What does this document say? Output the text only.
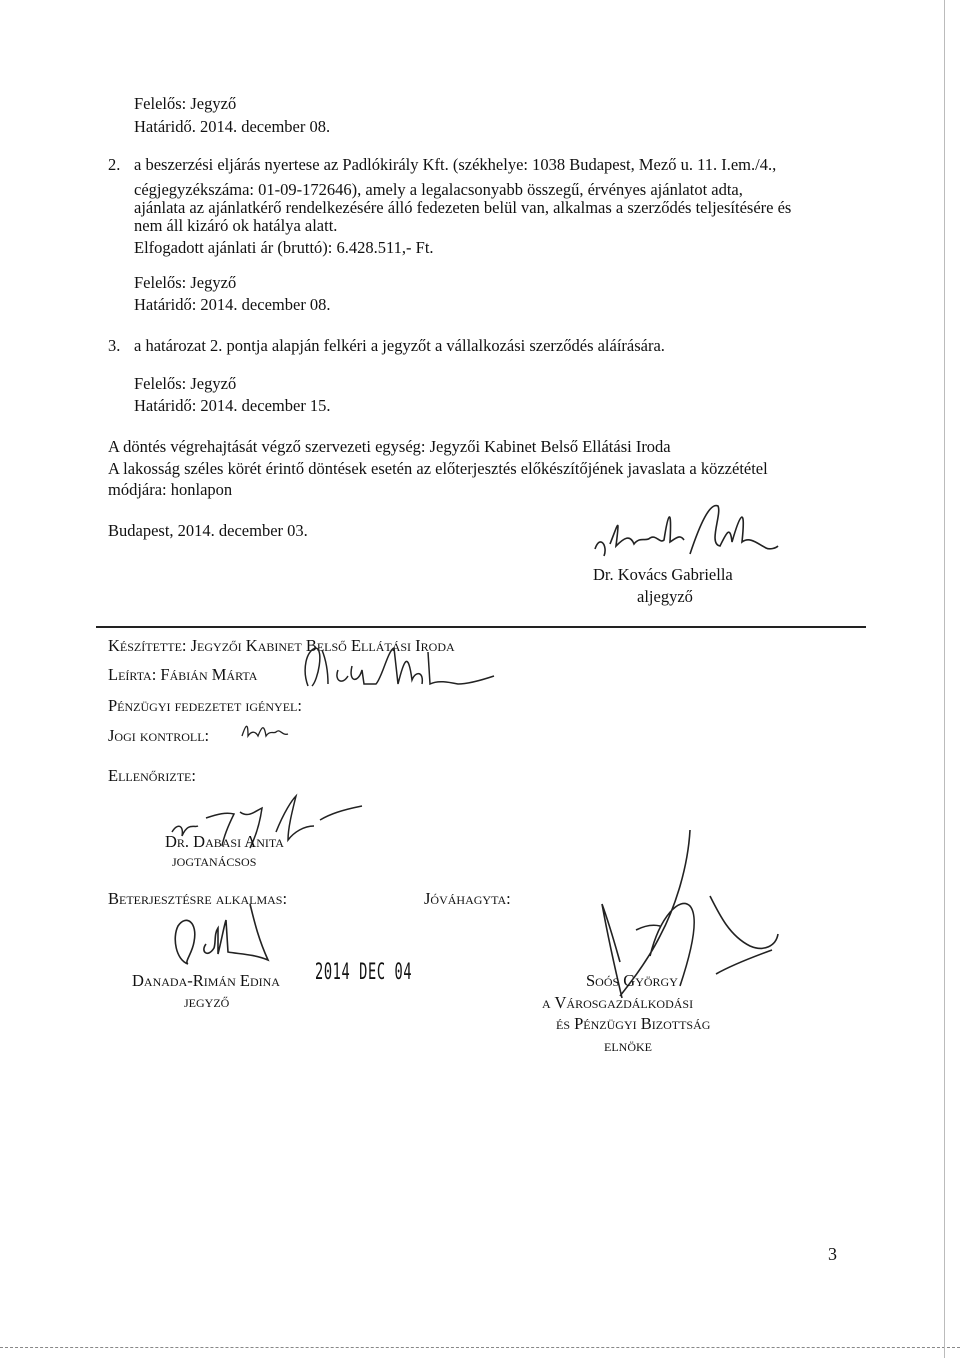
Felelős: Jegyző
Határidő. 2014. december 08.
2. a beszerzési eljárás nyertese az Padlókirály Kft. (székhelye: 1038 Budapest, Mező u. 11. I.em./4.,
cégjegyzékszáma: 01-09-172646), amely a legalacsonyabb összegű, érvényes ajánlatot adta,
ajánlata az ajánlatkérő rendelkezésére álló fedezeten belül van, alkalmas a szerződés teljesítésére és
nem áll kizáró ok hatálya alatt.
Elfogadott ajánlati ár (bruttó): 6.428.511,- Ft.
Felelős: Jegyző
Határidő: 2014. december 08.
3. a határozat 2. pontja alapján felkéri a jegyzőt a vállalkozási szerződés aláírására.
Felelős: Jegyző
Határidő: 2014. december 15.
A döntés végrehajtását végző szervezeti egység: Jegyzői Kabinet Belső Ellátási Iroda
A lakosság széles körét érintő döntések esetén az előterjesztés előkészítőjének javaslata a közzététel
módjára: honlapon
Budapest, 2014. december 03.
Dr. Kovács Gabriella
aljegyző
Készítette: Jegyzői Kabinet Belső Ellátási Iroda
Leírta: Fábián Márta
Pénzügyi fedezetet igényel:
Jogi kontroll:
Ellenőrizte:
Dr. Dabasi Anita
jogtanácsos
Beterjesztésre alkalmas:	Jóváhagyta:
Danada-Rimán Edina 2014 DEC 04
jegyző
Soós György
a Városgazdálkodási
és Pénzügyi Bizottság
elnöke
3
